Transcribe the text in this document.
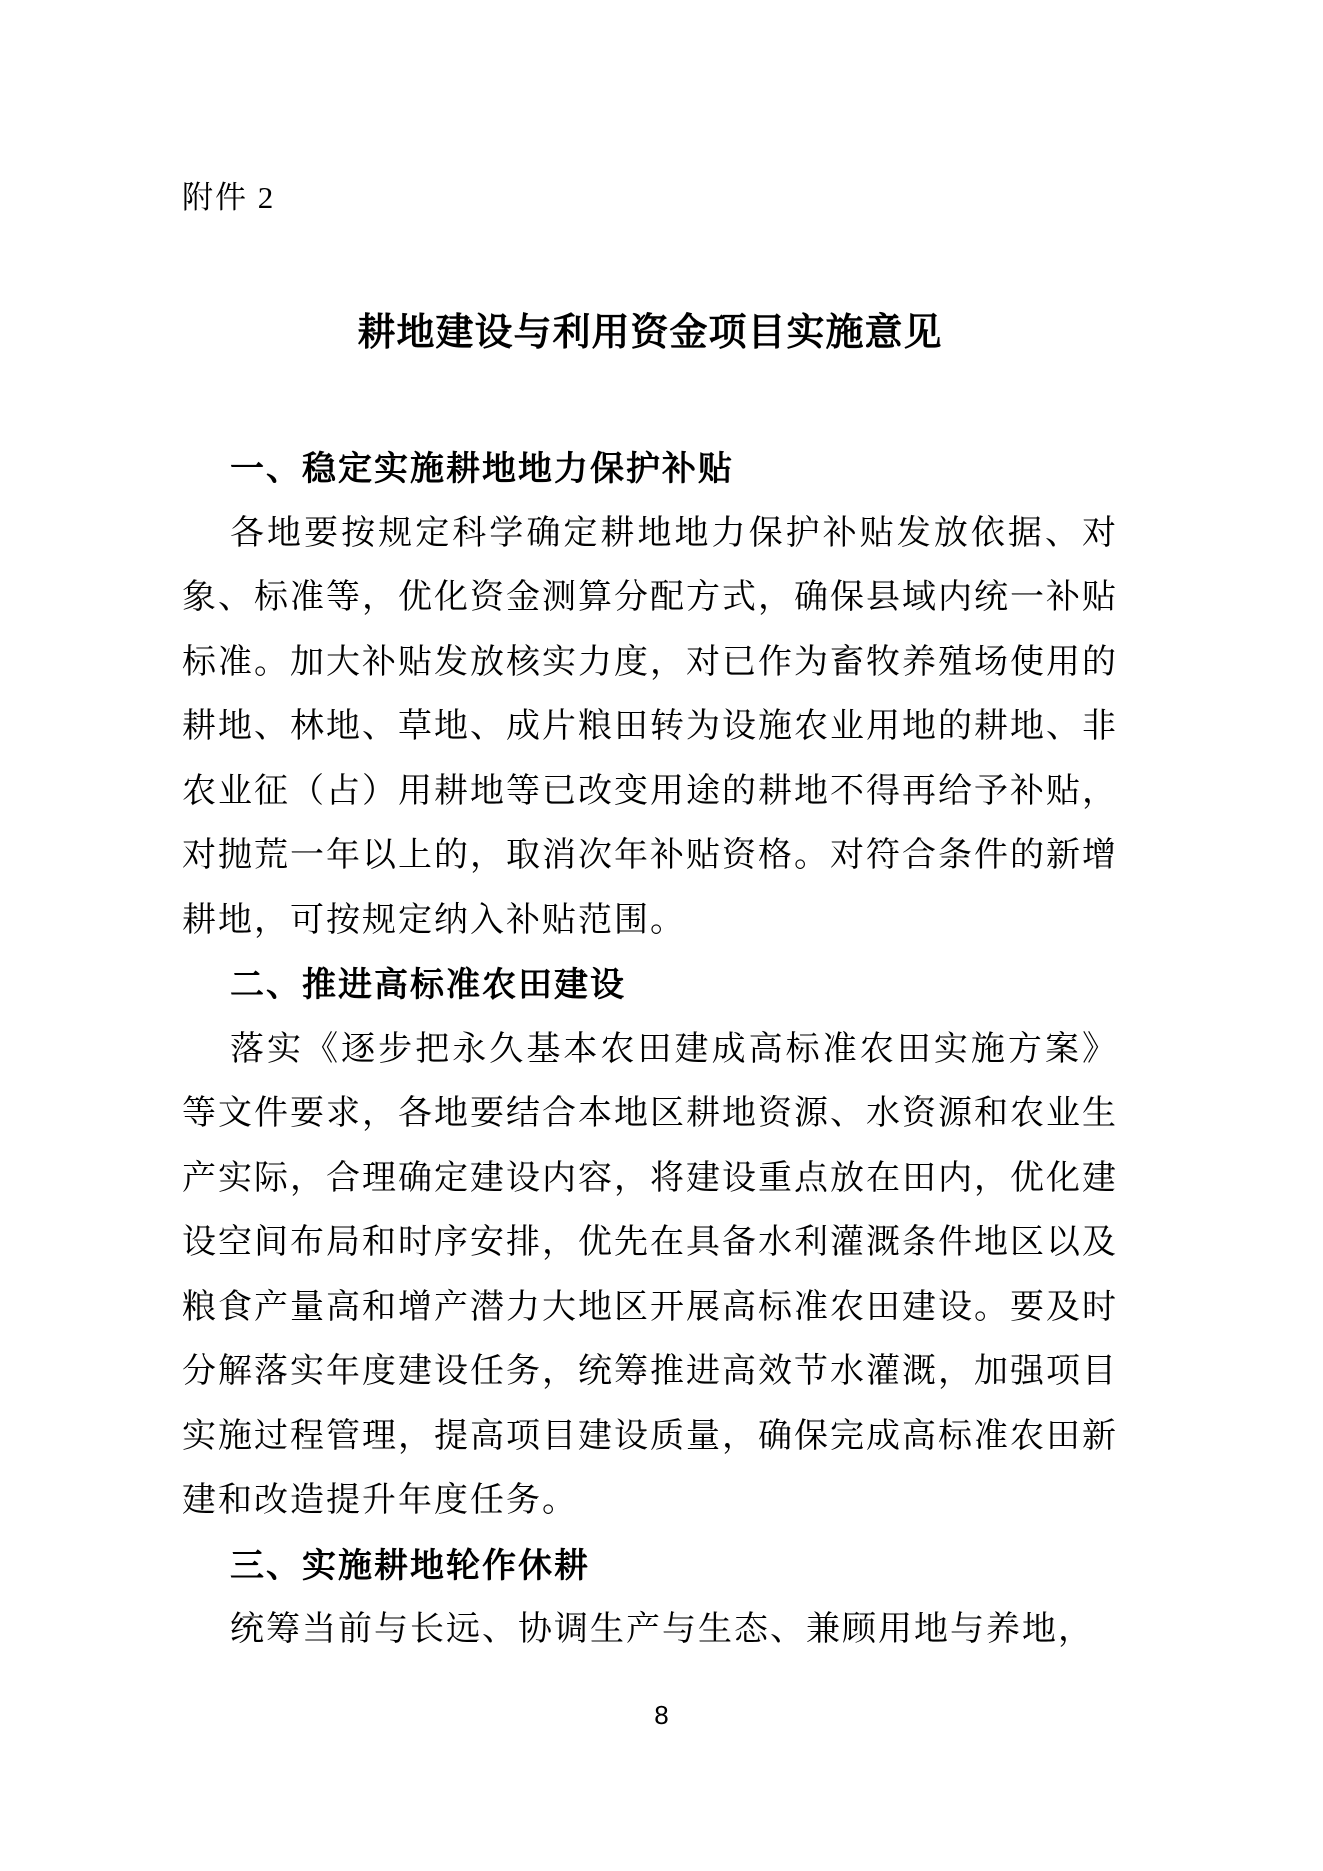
附件 2
耕地建设与利用资金项目实施意见
一、稳定实施耕地地力保护补贴

各地要按规定科学确定耕地地力保护补贴发放依据、对象、标准等，优化资金测算分配方式，确保县域内统一补贴标准。加大补贴发放核实力度，对已作为畜牧养殖场使用的耕地、林地、草地、成片粮田转为设施农业用地的耕地、非农业征（占）用耕地等已改变用途的耕地不得再给予补贴，对抛荒一年以上的，取消次年补贴资格。对符合条件的新增耕地，可按规定纳入补贴范围。

二、推进高标准农田建设

落实《逐步把永久基本农田建成高标准农田实施方案》等文件要求，各地要结合本地区耕地资源、水资源和农业生产实际，合理确定建设内容，将建设重点放在田内，优化建设空间布局和时序安排，优先在具备水利灌溉条件地区以及粮食产量高和增产潜力大地区开展高标准农田建设。要及时分解落实年度建设任务，统筹推进高效节水灌溉，加强项目实施过程管理，提高项目建设质量，确保完成高标准农田新建和改造提升年度任务。

三、实施耕地轮作休耕

统筹当前与长远、协调生产与生态、兼顾用地与养地，

8
